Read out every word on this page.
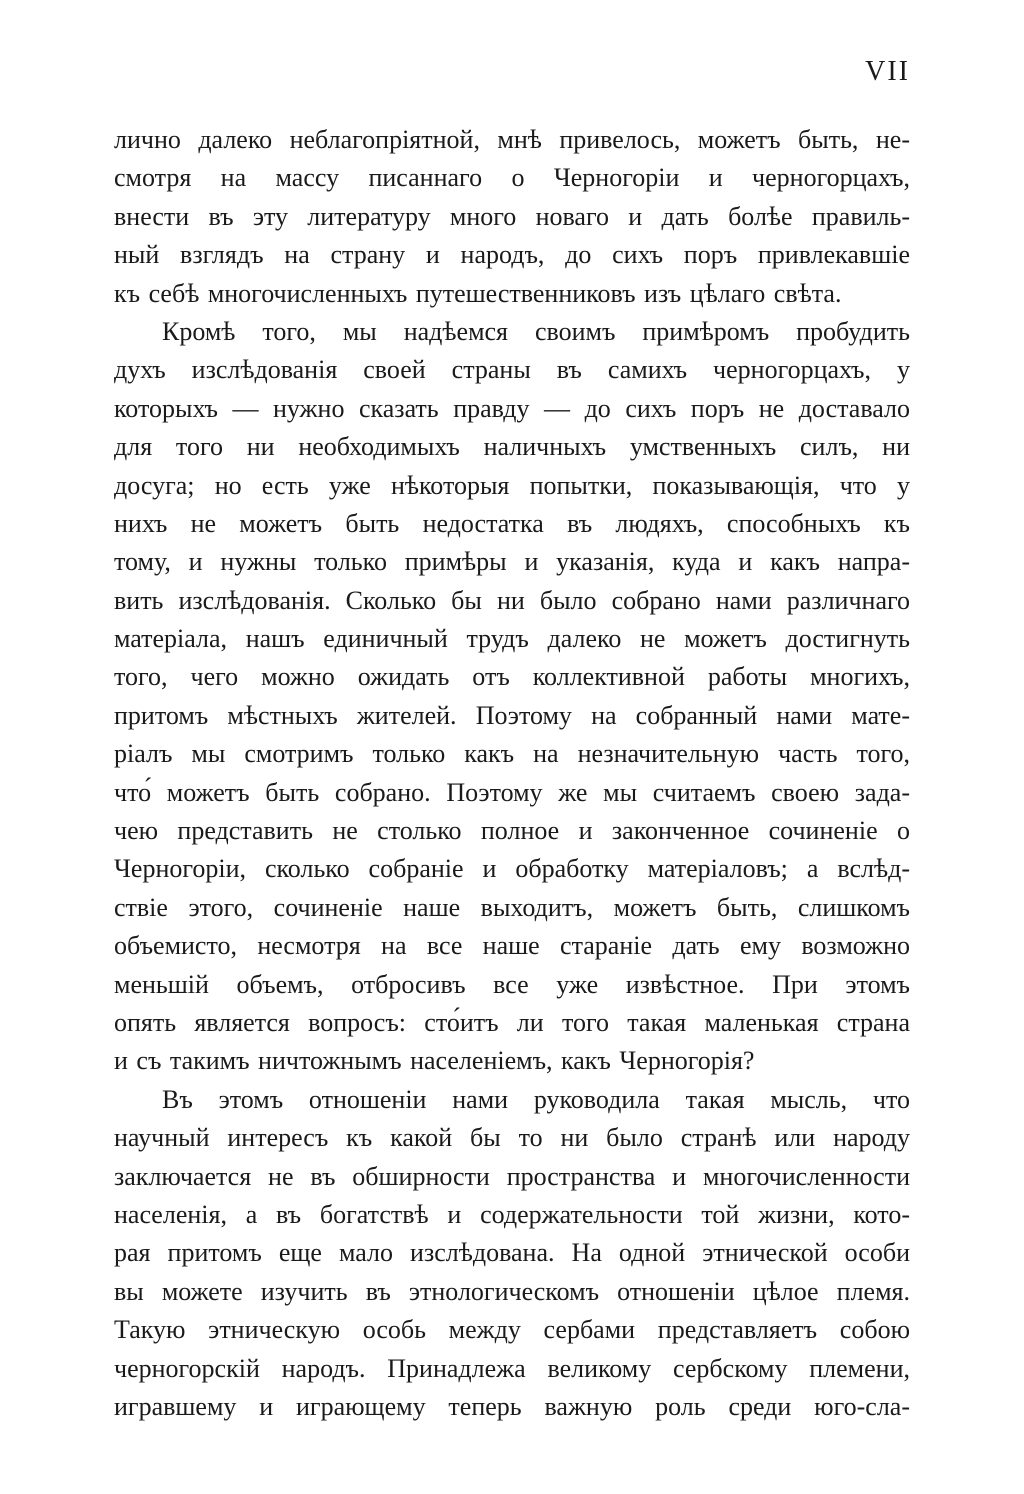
VII
лично далеко неблагопріятной, мнѣ привелось, можетъ быть, не-
смотря на массу писаннаго о Черногоріи и черногорцахъ,
внести въ эту литературу много новаго и дать болѣе правиль-
ный взглядъ на страну и народъ, до сихъ поръ привлекавшіе
къ себѣ многочисленныхъ путешественниковъ изъ цѣлаго свѣта.
Кромѣ того, мы надѣемся своимъ примѣромъ пробудить
духъ изслѣдованія своей страны въ самихъ черногорцахъ, у
которыхъ — нужно сказать правду — до сихъ поръ не доставало
для того ни необходимыхъ наличныхъ умственныхъ силъ, ни
досуга; но есть уже нѣкоторыя попытки, показывающія, что у
нихъ не можетъ быть недостатка въ людяхъ, способныхъ къ
тому, и нужны только примѣры и указанія, куда и какъ напра-
вить изслѣдованія. Сколько бы ни было собрано нами различнаго
матеріала, нашъ единичный трудъ далеко не можетъ достигнуть
того, чего можно ожидать отъ коллективной работы многихъ,
притомъ мѣстныхъ жителей. Поэтому на собранный нами мате-
ріалъ мы смотримъ только какъ на незначительную часть того,
что́ можетъ быть собрано. Поэтому же мы считаемъ своею зада-
чею представить не столько полное и законченное сочиненіе о
Черногоріи, сколько собраніе и обработку матеріаловъ; а вслѣд-
ствіе этого, сочиненіе наше выходитъ, можетъ быть, слишкомъ
объемисто, несмотря на все наше стараніе дать ему возможно
меньшій объемъ, отбросивъ все уже извѣстное. При этомъ
опять является вопросъ: сто́итъ ли того такая маленькая страна
и съ такимъ ничтожнымъ населеніемъ, какъ Черногорія?
Въ этомъ отношеніи нами руководила такая мысль, что
научный интересъ къ какой бы то ни было странѣ или народу
заключается не въ обширности пространства и многочисленности
населенія, а въ богатствѣ и содержательности той жизни, кото-
рая притомъ еще мало изслѣдована. На одной этнической особи
вы можете изучить въ этнологическомъ отношеніи цѣлое племя.
Такую этническую особь между сербами представляетъ собою
черногорскій народъ. Принадлежа великому сербскому племени,
игравшему и играющему теперь важную роль среди юго-сла-
